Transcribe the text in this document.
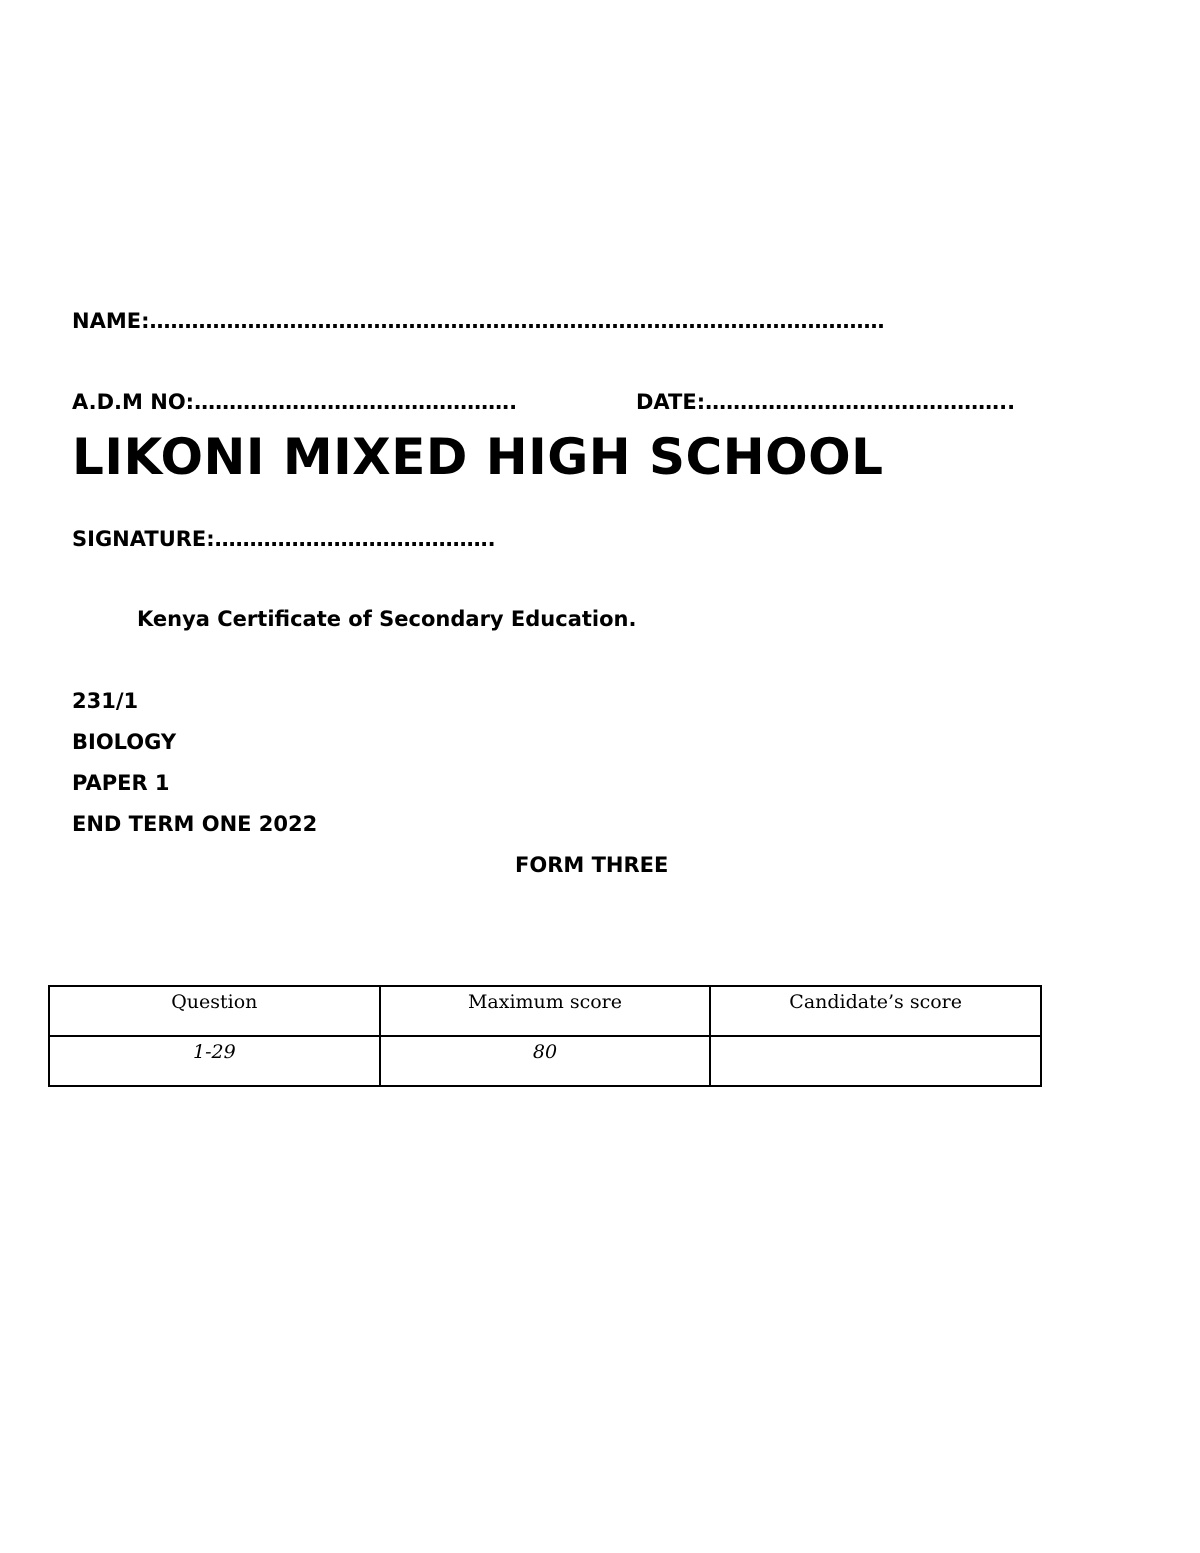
NAME:……………………………………………………………………………………………
A.D.M NO:……………………………………….	DATE:……………………………………..
LIKONI MIXED HIGH SCHOOL
SIGNATURE:………………………………….
Kenya Certificate of Secondary Education.
231/1
BIOLOGY
PAPER 1
END TERM ONE 2022
FORM THREE
Question	Maximum score	Candidate’s score
1-29	80	
